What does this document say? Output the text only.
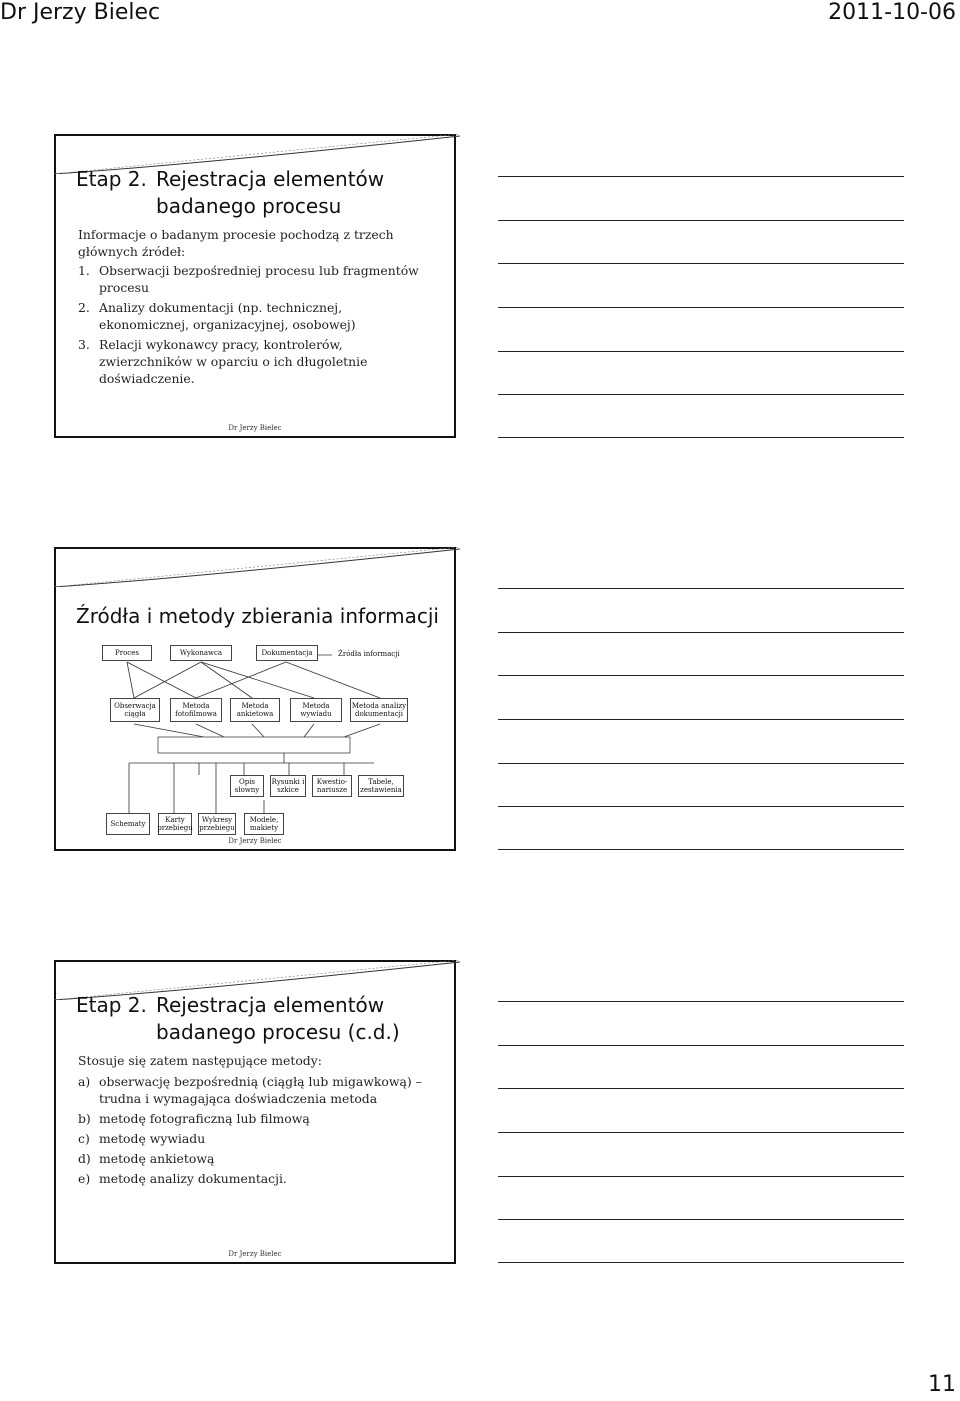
Dr Jerzy Bielec	2011-10-06
Etap 2. Rejestracja elementów
badanego procesu

Informacje o badanym procesie pochodzą z trzech głównych źródeł:

1. Obserwacji bezpośredniej procesu lub fragmentów procesu
2. Analizy dokumentacji (np. technicznej, ekonomicznej, organizacyjnej, osobowej)
3. Relacji wykonawcy pracy, kontrolerów, zwierzchników w oparciu o ich długoletnie doświadczenie.
Dr Jerzy Bielec
Źródła i metody zbierania informacji
Proces	Wykonawca	Dokumentacja	Źródła informacji
Obserwacja ciągła
Metoda fotofilmowa
Metoda ankietowa
Metoda wywiadu
Metoda analizy dokumentacji
Opis słowny
Rysunki i szkice
Kwestio-nariusze
Tabele, zestawienia
Schematy	Karty przebiegu
Wykresy przebiegu
Modele, makiety
Dr Jerzy Bielec
Etap 2. Rejestracja elementów
badanego procesu (c.d.)

Stosuje się zatem następujące metody:

a) obserwację bezpośrednią (ciągłą lub migawkową) – trudna i wymagająca doświadczenia metoda
b) metodę fotograficzną lub filmową
c) metodę wywiadu
d) metodę ankietową
e) metodę analizy dokumentacji.
Dr Jerzy Bielec
11
